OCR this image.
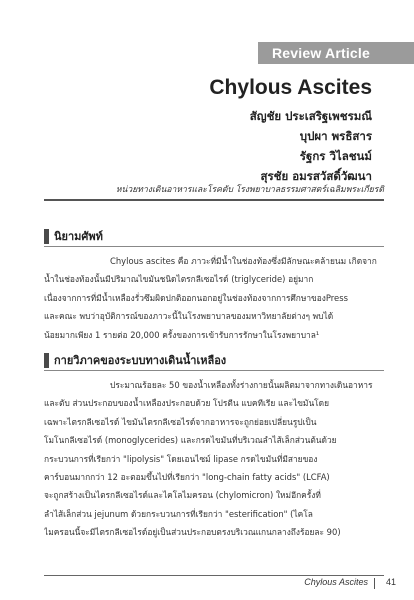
Review Article
Chylous Ascites
สัญชัย ประเสริฐเพชรมณี
บุปผา พรธิสาร
รัฐกร วิไลชนม์
สุรชัย อมรสวัสดิ์วัฒนา
หน่วยทางเดินอาหารและโรคตับ โรงพยาบาลธรรมศาสตร์เฉลิมพระเกียรติ
นิยามศัพท์
Chylous ascites คือ ภาวะที่มีน้ำในช่องท้องซึ่งมีลักษณะคล้ายนม เกิดจาก
น้ำในช่องท้องนั้นมีปริมาณไขมันชนิดไตรกลีเซอไรด์ (triglyceride) อยู่มาก
เนื่องจากการที่มีน้ำเหลืองรั่วซึมผิดปกติออกนอกอยู่ในช่องท้องจากการศึกษาของPress
และคณะ พบว่าอุบัติการณ์ของภาวะนี้ในโรงพยาบาลของมหาวิทยาลัยต่างๆ พบได้
น้อยมากเพียง 1 รายต่อ 20,000 ครั้งของการเข้ารับการรักษาในโรงพยาบาล¹
กายวิภาคของระบบทางเดินน้ำเหลือง
ประมาณร้อยละ 50 ของน้ำเหลืองทั้งร่างกายนั้นผลิตมาจากทางเดินอาหาร
และตับ ส่วนประกอบของน้ำเหลืองประกอบด้วย โปรตีน แบคทีเรีย และไขมันโดย
เฉพาะไตรกลีเซอไรด์ ไขมันไตรกลีเซอไรด์จากอาหารจะถูกย่อยเปลี่ยนรูปเป็น
โมโนกลีเซอไรด์ (monoglycerides) และกรดไขมันที่บริเวณลำไส้เล็กส่วนต้นด้วย
กระบวนการที่เรียกว่า "lipolysis" โดยเอนไซม์ lipase กรดไขมันที่มีสายของ
คาร์บอนมากกว่า 12 อะตอมขึ้นไปที่เรียกว่า "long-chain fatty acids" (LCFA)
จะถูกสร้างเป็นไตรกลีเซอไรด์และไคโลไมครอน (chylomicron) ใหม่อีกครั้งที่
ลำไส้เล็กส่วน jejunum ด้วยกระบวนการที่เรียกว่า "esterification" (ไคโล
ไมครอนนี้จะมีไตรกลีเซอไรด์อยู่เป็นส่วนประกอบตรงบริเวณแกนกลางถึงร้อยละ 90)
Chylous Ascites 41
